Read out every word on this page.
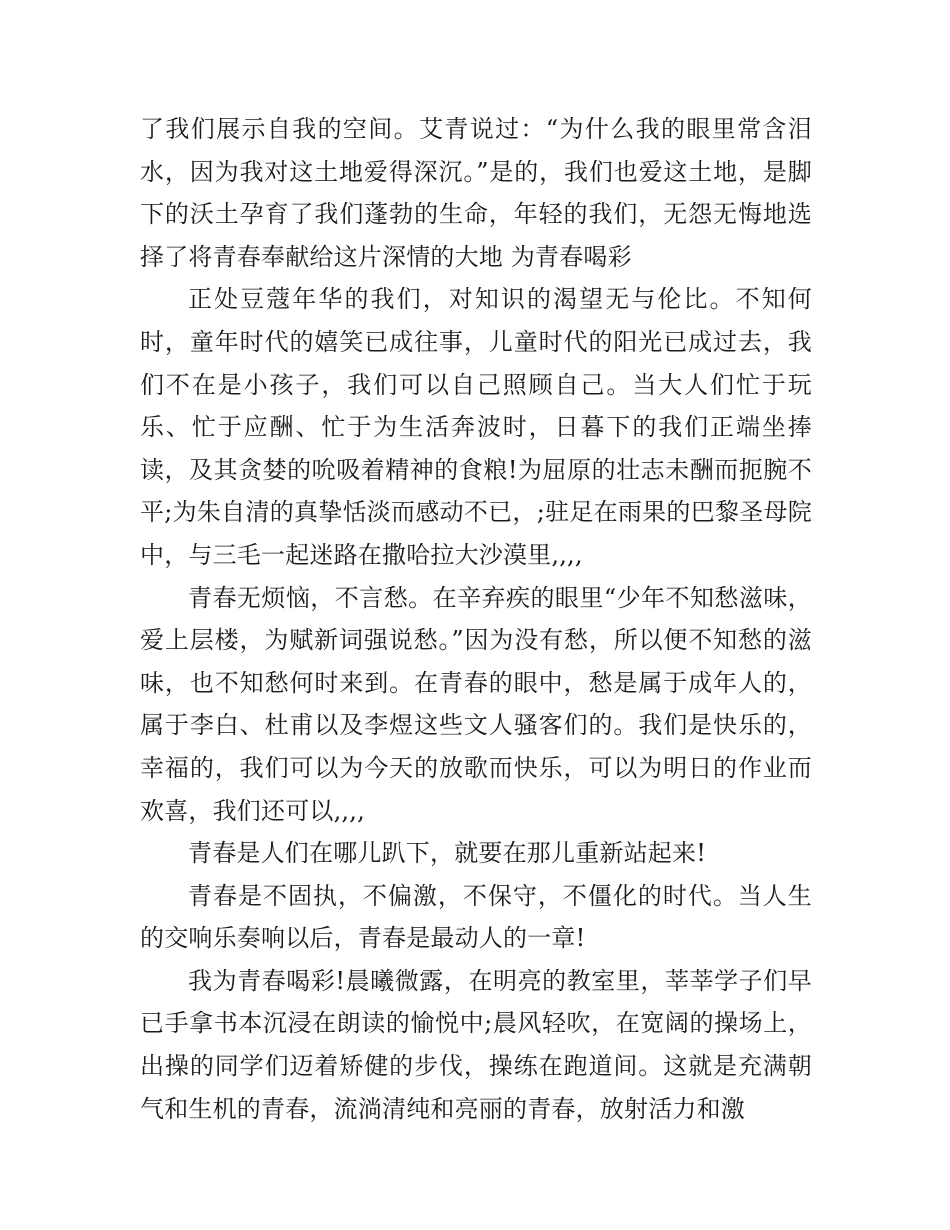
了我们展示自我的空间。艾青说过：“为什么我的眼里常含泪水，因为我对这土地爱得深沉。”是的，我们也爱这土地，是脚下的沃土孕育了我们蓬勃的生命，年轻的我们，无怨无悔地选择了将青春奉献给这片深情的大地 为青春喝彩

正处豆蔻年华的我们，对知识的渴望无与伦比。不知何时，童年时代的嬉笑已成往事，儿童时代的阳光已成过去，我们不在是小孩子，我们可以自己照顾自己。当大人们忙于玩乐、忙于应酬、忙于为生活奔波时，日暮下的我们正端坐捧读，及其贪婪的吮吸着精神的食粮!为屈原的壮志未酬而扼腕不平;为朱自清的真挚恬淡而感动不已，;驻足在雨果的巴黎圣母院中，与三毛一起迷路在撒哈拉大沙漠里,,,,

青春无烦恼，不言愁。在辛弃疾的眼里“少年不知愁滋味，爱上层楼，为赋新词强说愁。”因为没有愁，所以便不知愁的滋味，也不知愁何时来到。在青春的眼中，愁是属于成年人的，属于李白、杜甫以及李煜这些文人骚客们的。我们是快乐的，幸福的，我们可以为今天的放歌而快乐，可以为明日的作业而欢喜，我们还可以,,,,

青春是人们在哪儿趴下，就要在那儿重新站起来!

青春是不固执，不偏激，不保守，不僵化的时代。当人生的交响乐奏响以后，青春是最动人的一章!

我为青春喝彩!晨曦微露，在明亮的教室里，莘莘学子们早已手拿书本沉浸在朗读的愉悦中;晨风轻吹，在宽阔的操场上，出操的同学们迈着矫健的步伐，操练在跑道间。这就是充满朝气和生机的青春，流淌清纯和亮丽的青春，放射活力和激
